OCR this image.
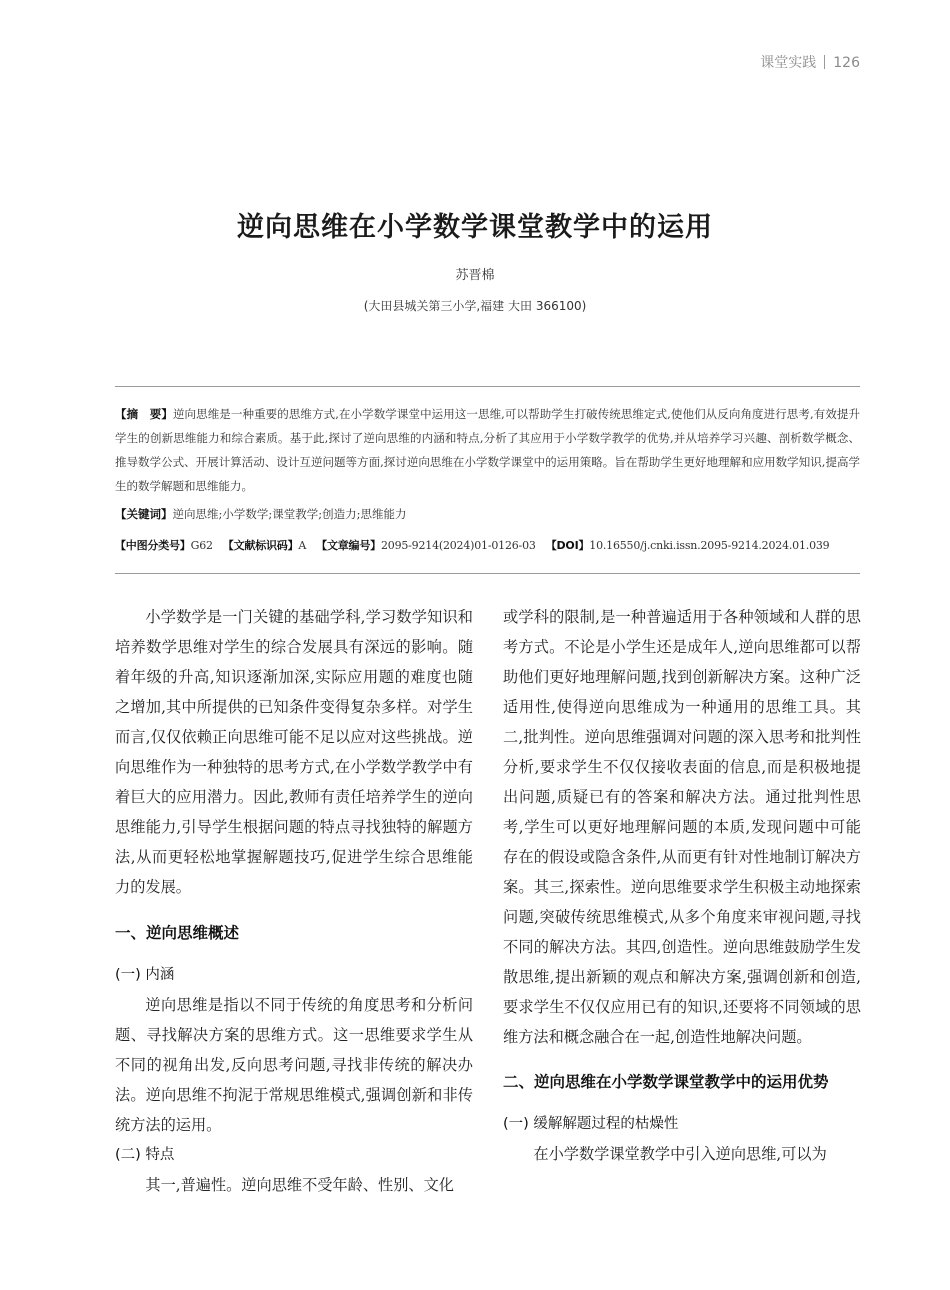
课堂实践 126
逆向思维在小学数学课堂教学中的运用
苏晋棉
(大田县城关第三小学,福建 大田 366100)
【摘　要】逆向思维是一种重要的思维方式,在小学数学课堂中运用这一思维,可以帮助学生打破传统思维定式,使他们从反向角度进行思考,有效提升学生的创新思维能力和综合素质。基于此,探讨了逆向思维的内涵和特点,分析了其应用于小学数学教学的优势,并从培养学习兴趣、剖析数学概念、推导数学公式、开展计算活动、设计互逆问题等方面,探讨逆向思维在小学数学课堂中的运用策略。旨在帮助学生更好地理解和应用数学知识,提高学生的数学解题和思维能力。
【关键词】逆向思维;小学数学;课堂教学;创造力;思维能力
【中图分类号】G62 【文献标识码】A 【文章编号】2095-9214(2024)01-0126-03 【DOI】10.16550/j.cnki.issn.2095-9214.2024.01.039

小学数学是一门关键的基础学科,学习数学知识和培养数学思维对学生的综合发展具有深远的影响。随着年级的升高,知识逐渐加深,实际应用题的难度也随之增加,其中所提供的已知条件变得复杂多样。对学生而言,仅仅依赖正向思维可能不足以应对这些挑战。逆向思维作为一种独特的思考方式,在小学数学教学中有着巨大的应用潜力。因此,教师有责任培养学生的逆向思维能力,引导学生根据问题的特点寻找独特的解题方法,从而更轻松地掌握解题技巧,促进学生综合思维能力的发展。

一、逆向思维概述

(一) 内涵

逆向思维是指以不同于传统的角度思考和分析问题、寻找解决方案的思维方式。这一思维要求学生从不同的视角出发,反向思考问题,寻找非传统的解决办法。逆向思维不拘泥于常规思维模式,强调创新和非传统方法的运用。

(二) 特点

其一,普遍性。逆向思维不受年龄、性别、文化

或学科的限制,是一种普遍适用于各种领域和人群的思考方式。不论是小学生还是成年人,逆向思维都可以帮助他们更好地理解问题,找到创新解决方案。这种广泛适用性,使得逆向思维成为一种通用的思维工具。其二,批判性。逆向思维强调对问题的深入思考和批判性分析,要求学生不仅仅接收表面的信息,而是积极地提出问题,质疑已有的答案和解决方法。通过批判性思考,学生可以更好地理解问题的本质,发现问题中可能存在的假设或隐含条件,从而更有针对性地制订解决方案。其三,探索性。逆向思维要求学生积极主动地探索问题,突破传统思维模式,从多个角度来审视问题,寻找不同的解决方法。其四,创造性。逆向思维鼓励学生发散思维,提出新颖的观点和解决方案,强调创新和创造,要求学生不仅仅应用已有的知识,还要将不同领域的思维方法和概念融合在一起,创造性地解决问题。

二、逆向思维在小学数学课堂教学中的运用优势

(一) 缓解解题过程的枯燥性

在小学数学课堂教学中引入逆向思维,可以为
